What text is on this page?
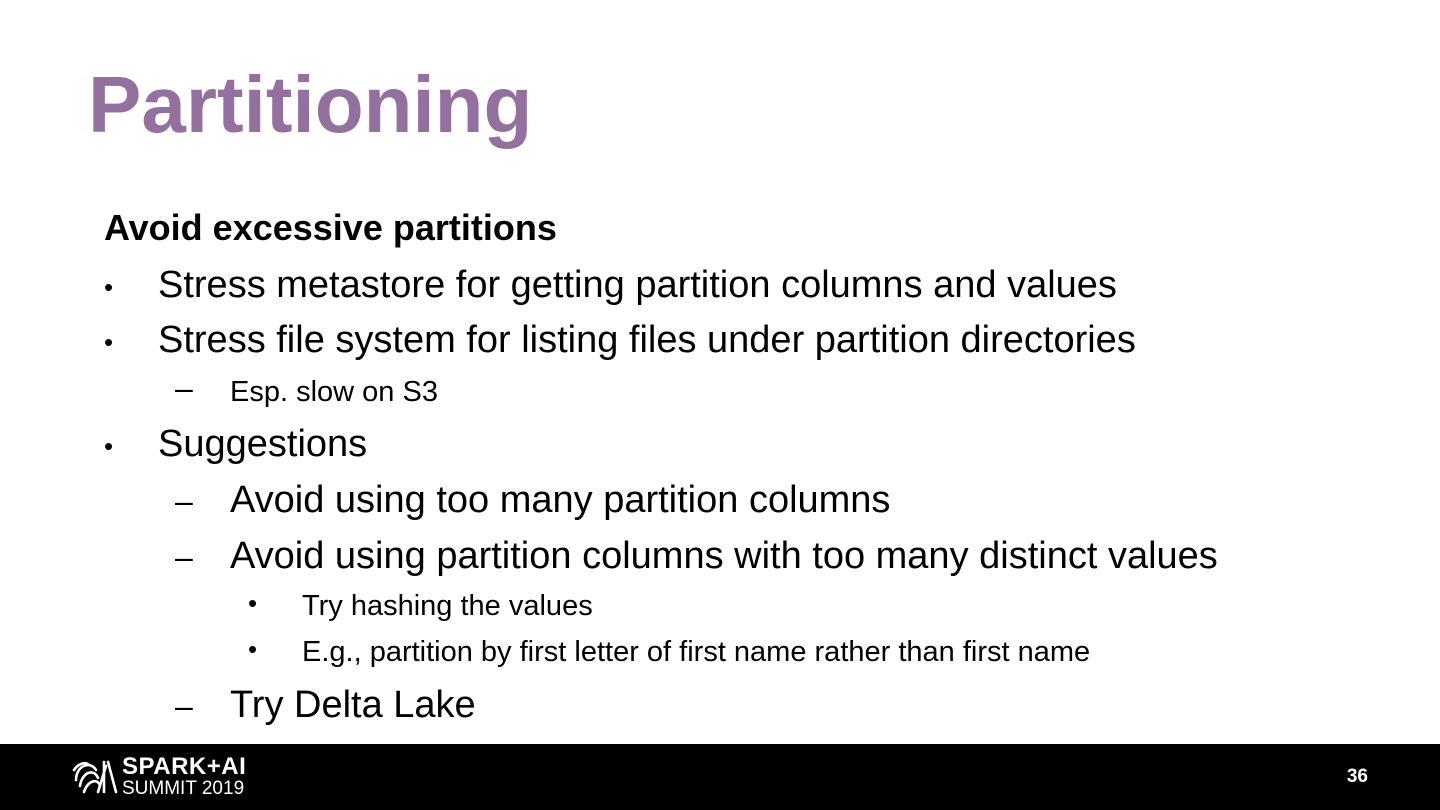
Partitioning
Avoid excessive partitions
• Stress metastore for getting partition columns and values
• Stress file system for listing files under partition directories
– Esp. slow on S3
• Suggestions
– Avoid using too many partition columns
– Avoid using partition columns with too many distinct values
• Try hashing the values
• E.g., partition by first letter of first name rather than first name
– Try Delta Lake
SPARK+AI
SUMMIT 2019
36
